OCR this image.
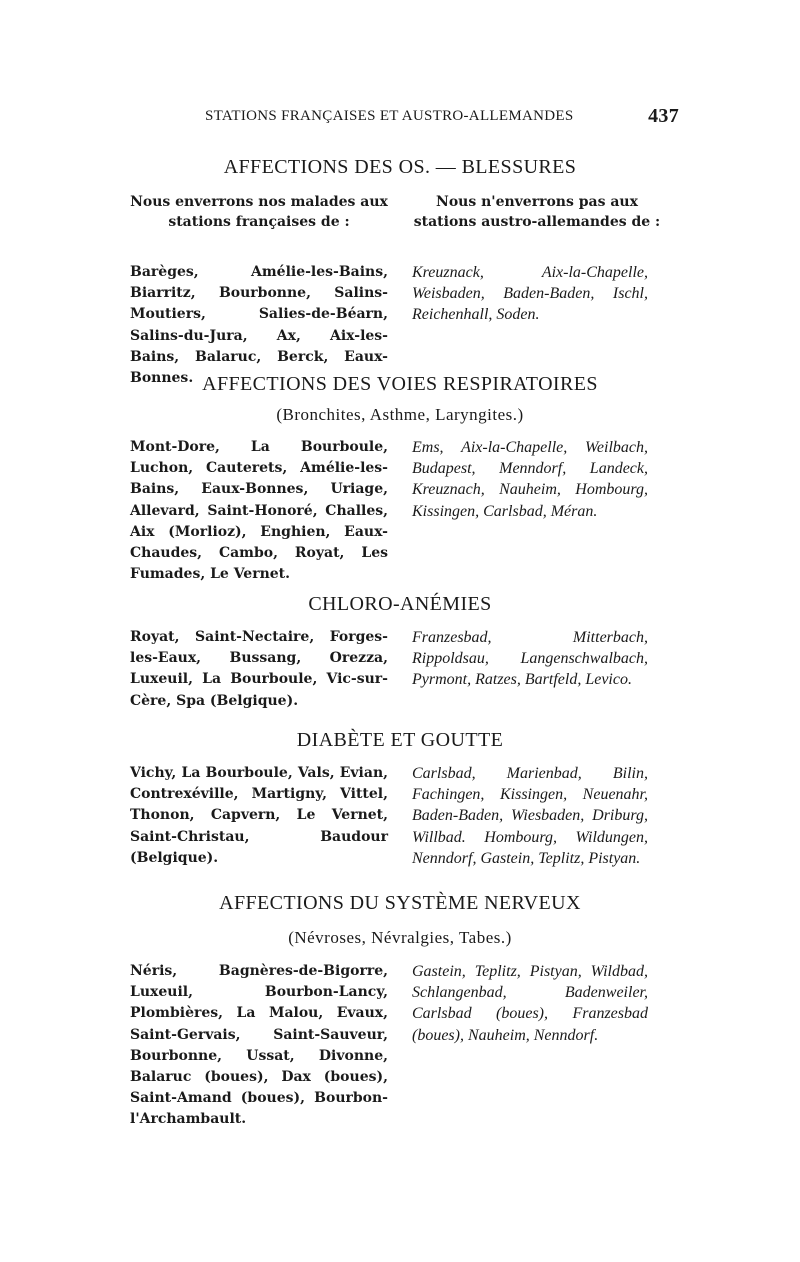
STATIONS FRANÇAISES ET AUSTRO-ALLEMANDES	437
AFFECTIONS DES OS. — BLESSURES
Nous enverrons nos malades aux stations françaises de :
Nous n'enverrons pas aux stations austro-allemandes de :
Barèges, Amélie-les-Bains, Biarritz, Bourbonne, Salins-Moutiers, Salies-de-Béarn, Salins-du-Jura, Ax, Aix-les-Bains, Balaruc, Berck, Eaux-Bonnes.
Kreuznack, Aix-la-Chapelle, Weisbaden, Baden-Baden, Ischl, Reichenhall, Soden.
AFFECTIONS DES VOIES RESPIRATOIRES
(Bronchites, Asthme, Laryngites.)
Mont-Dore, La Bourboule, Luchon, Cauterets, Amélie-les-Bains, Eaux-Bonnes, Uriage, Allevard, Saint-Honoré, Challes, Aix (Morlioz), Enghien, Eaux-Chaudes, Cambo, Royat, Les Fumades, Le Vernet.
Ems, Aix-la-Chapelle, Weilbach, Budapest, Menndorf, Landeck, Kreuznach, Nauheim, Hombourg, Kissingen, Carlsbad, Méran.
CHLORO-ANÉMIES
Royat, Saint-Nectaire, Forges-les-Eaux, Bussang, Orezza, Luxeuil, La Bourboule, Vic-sur-Cère, Spa (Belgique).
Franzesbad, Mitterbach, Rippoldsau, Langenschwalbach, Pyrmont, Ratzes, Bartfeld, Levico.
DIABÈTE ET GOUTTE
Vichy, La Bourboule, Vals, Evian, Contrexéville, Martigny, Vittel, Thonon, Capvern, Le Vernet, Saint-Christau, Baudour (Belgique).
Carlsbad, Marienbad, Bilin, Fachingen, Kissingen, Neuenahr, Baden-Baden, Wiesbaden, Driburg, Willbad. Hombourg, Wildungen, Nenndorf, Gastein, Teplitz, Pistyan.
AFFECTIONS DU SYSTÈME NERVEUX
(Névroses, Névralgies, Tabes.)
Néris, Bagnères-de-Bigorre, Luxeuil, Bourbon-Lancy, Plombières, La Malou, Evaux, Saint-Gervais, Saint-Sauveur, Bourbonne, Ussat, Divonne, Balaruc (boues), Dax (boues), Saint-Amand (boues), Bourbon-l'Archambault.
Gastein, Teplitz, Pistyan, Wildbad, Schlangenbad, Badenweiler, Carlsbad (boues), Franzesbad (boues), Nauheim, Nenndorf.
